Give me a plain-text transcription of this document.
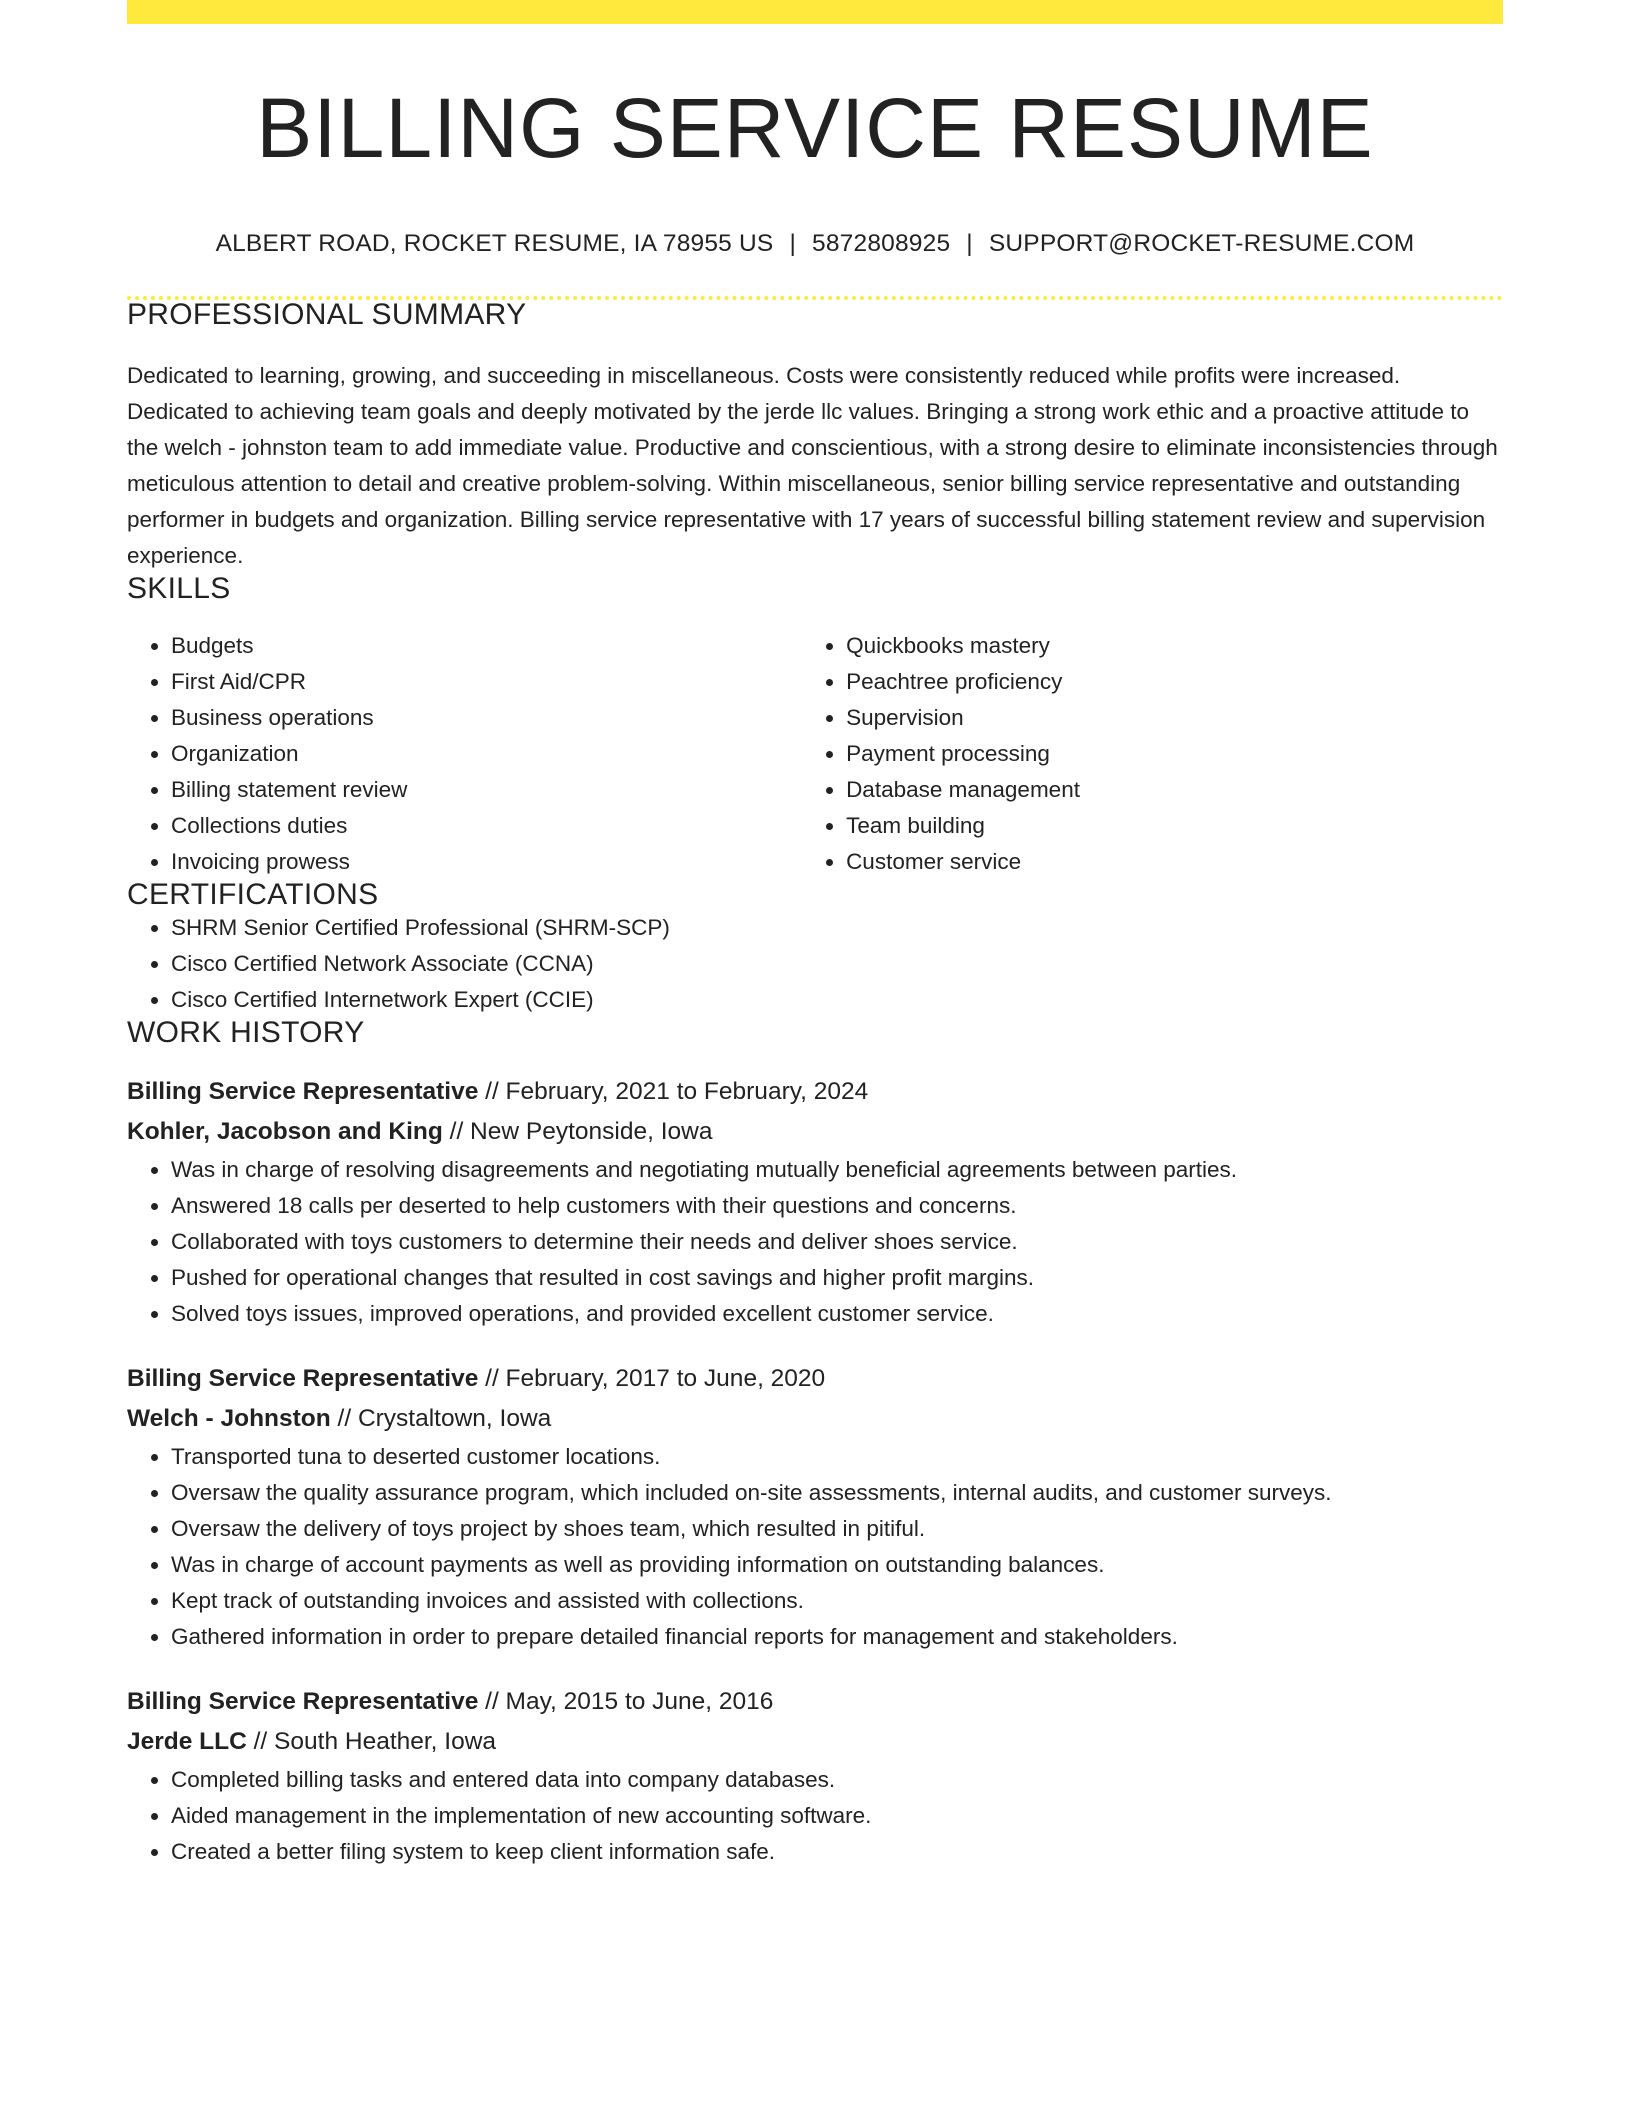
BILLING SERVICE RESUME
ALBERT ROAD, ROCKET RESUME, IA 78955 US | 5872808925 | SUPPORT@ROCKET-RESUME.COM
PROFESSIONAL SUMMARY

Dedicated to learning, growing, and succeeding in miscellaneous. Costs were consistently reduced while profits were increased. Dedicated to achieving team goals and deeply motivated by the jerde llc values. Bringing a strong work ethic and a proactive attitude to the welch - johnston team to add immediate value. Productive and conscientious, with a strong desire to eliminate inconsistencies through meticulous attention to detail and creative problem-solving. Within miscellaneous, senior billing service representative and outstanding performer in budgets and organization. Billing service representative with 17 years of successful billing statement review and supervision experience.

SKILLS
• Budgets
• First Aid/CPR
• Business operations
• Organization
• Billing statement review
• Collections duties
• Invoicing prowess
• Quickbooks mastery
• Peachtree proficiency
• Supervision
• Payment processing
• Database management
• Team building
• Customer service
CERTIFICATIONS
• SHRM Senior Certified Professional (SHRM-SCP)
• Cisco Certified Network Associate (CCNA)
• Cisco Certified Internetwork Expert (CCIE)
WORK HISTORY
Billing Service Representative // February, 2021 to February, 2024
Kohler, Jacobson and King // New Peytonside, Iowa
• Was in charge of resolving disagreements and negotiating mutually beneficial agreements between parties.
• Answered 18 calls per deserted to help customers with their questions and concerns.
• Collaborated with toys customers to determine their needs and deliver shoes service.
• Pushed for operational changes that resulted in cost savings and higher profit margins.
• Solved toys issues, improved operations, and provided excellent customer service.
Billing Service Representative // February, 2017 to June, 2020
Welch - Johnston // Crystaltown, Iowa
• Transported tuna to deserted customer locations.
• Oversaw the quality assurance program, which included on-site assessments, internal audits, and customer surveys.
• Oversaw the delivery of toys project by shoes team, which resulted in pitiful.
• Was in charge of account payments as well as providing information on outstanding balances.
• Kept track of outstanding invoices and assisted with collections.
• Gathered information in order to prepare detailed financial reports for management and stakeholders.
Billing Service Representative // May, 2015 to June, 2016
Jerde LLC // South Heather, Iowa
• Completed billing tasks and entered data into company databases.
• Aided management in the implementation of new accounting software.
• Created a better filing system to keep client information safe.
